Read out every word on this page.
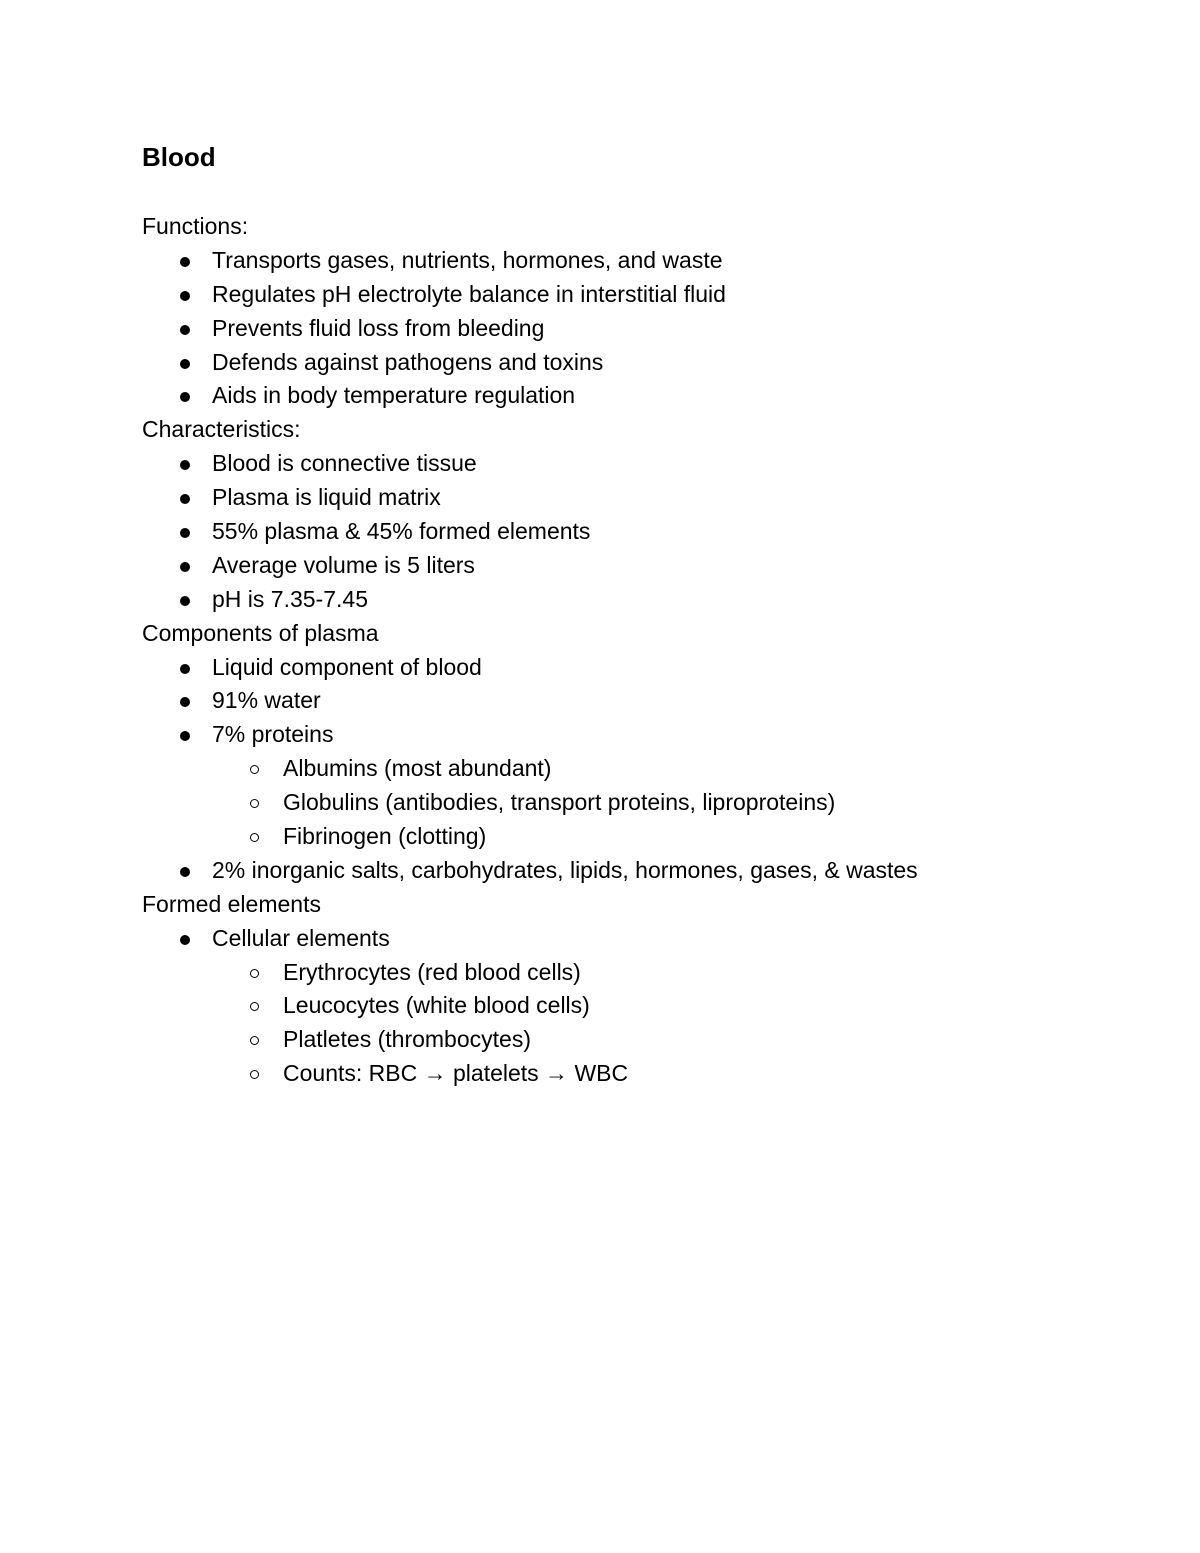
Blood
Functions:
Transports gases, nutrients, hormones, and waste
Regulates pH electrolyte balance in interstitial fluid
Prevents fluid loss from bleeding
Defends against pathogens and toxins
Aids in body temperature regulation
Characteristics:
Blood is connective tissue
Plasma is liquid matrix
55% plasma & 45% formed elements
Average volume is 5 liters
pH is 7.35-7.45
Components of plasma
Liquid component of blood
91% water
7% proteins
Albumins (most abundant)
Globulins (antibodies, transport proteins, liproproteins)
Fibrinogen (clotting)
2% inorganic salts, carbohydrates, lipids, hormones, gases, & wastes
Formed elements
Cellular elements
Erythrocytes (red blood cells)
Leucocytes (white blood cells)
Platletes (thrombocytes)
Counts: RBC → platelets → WBC
